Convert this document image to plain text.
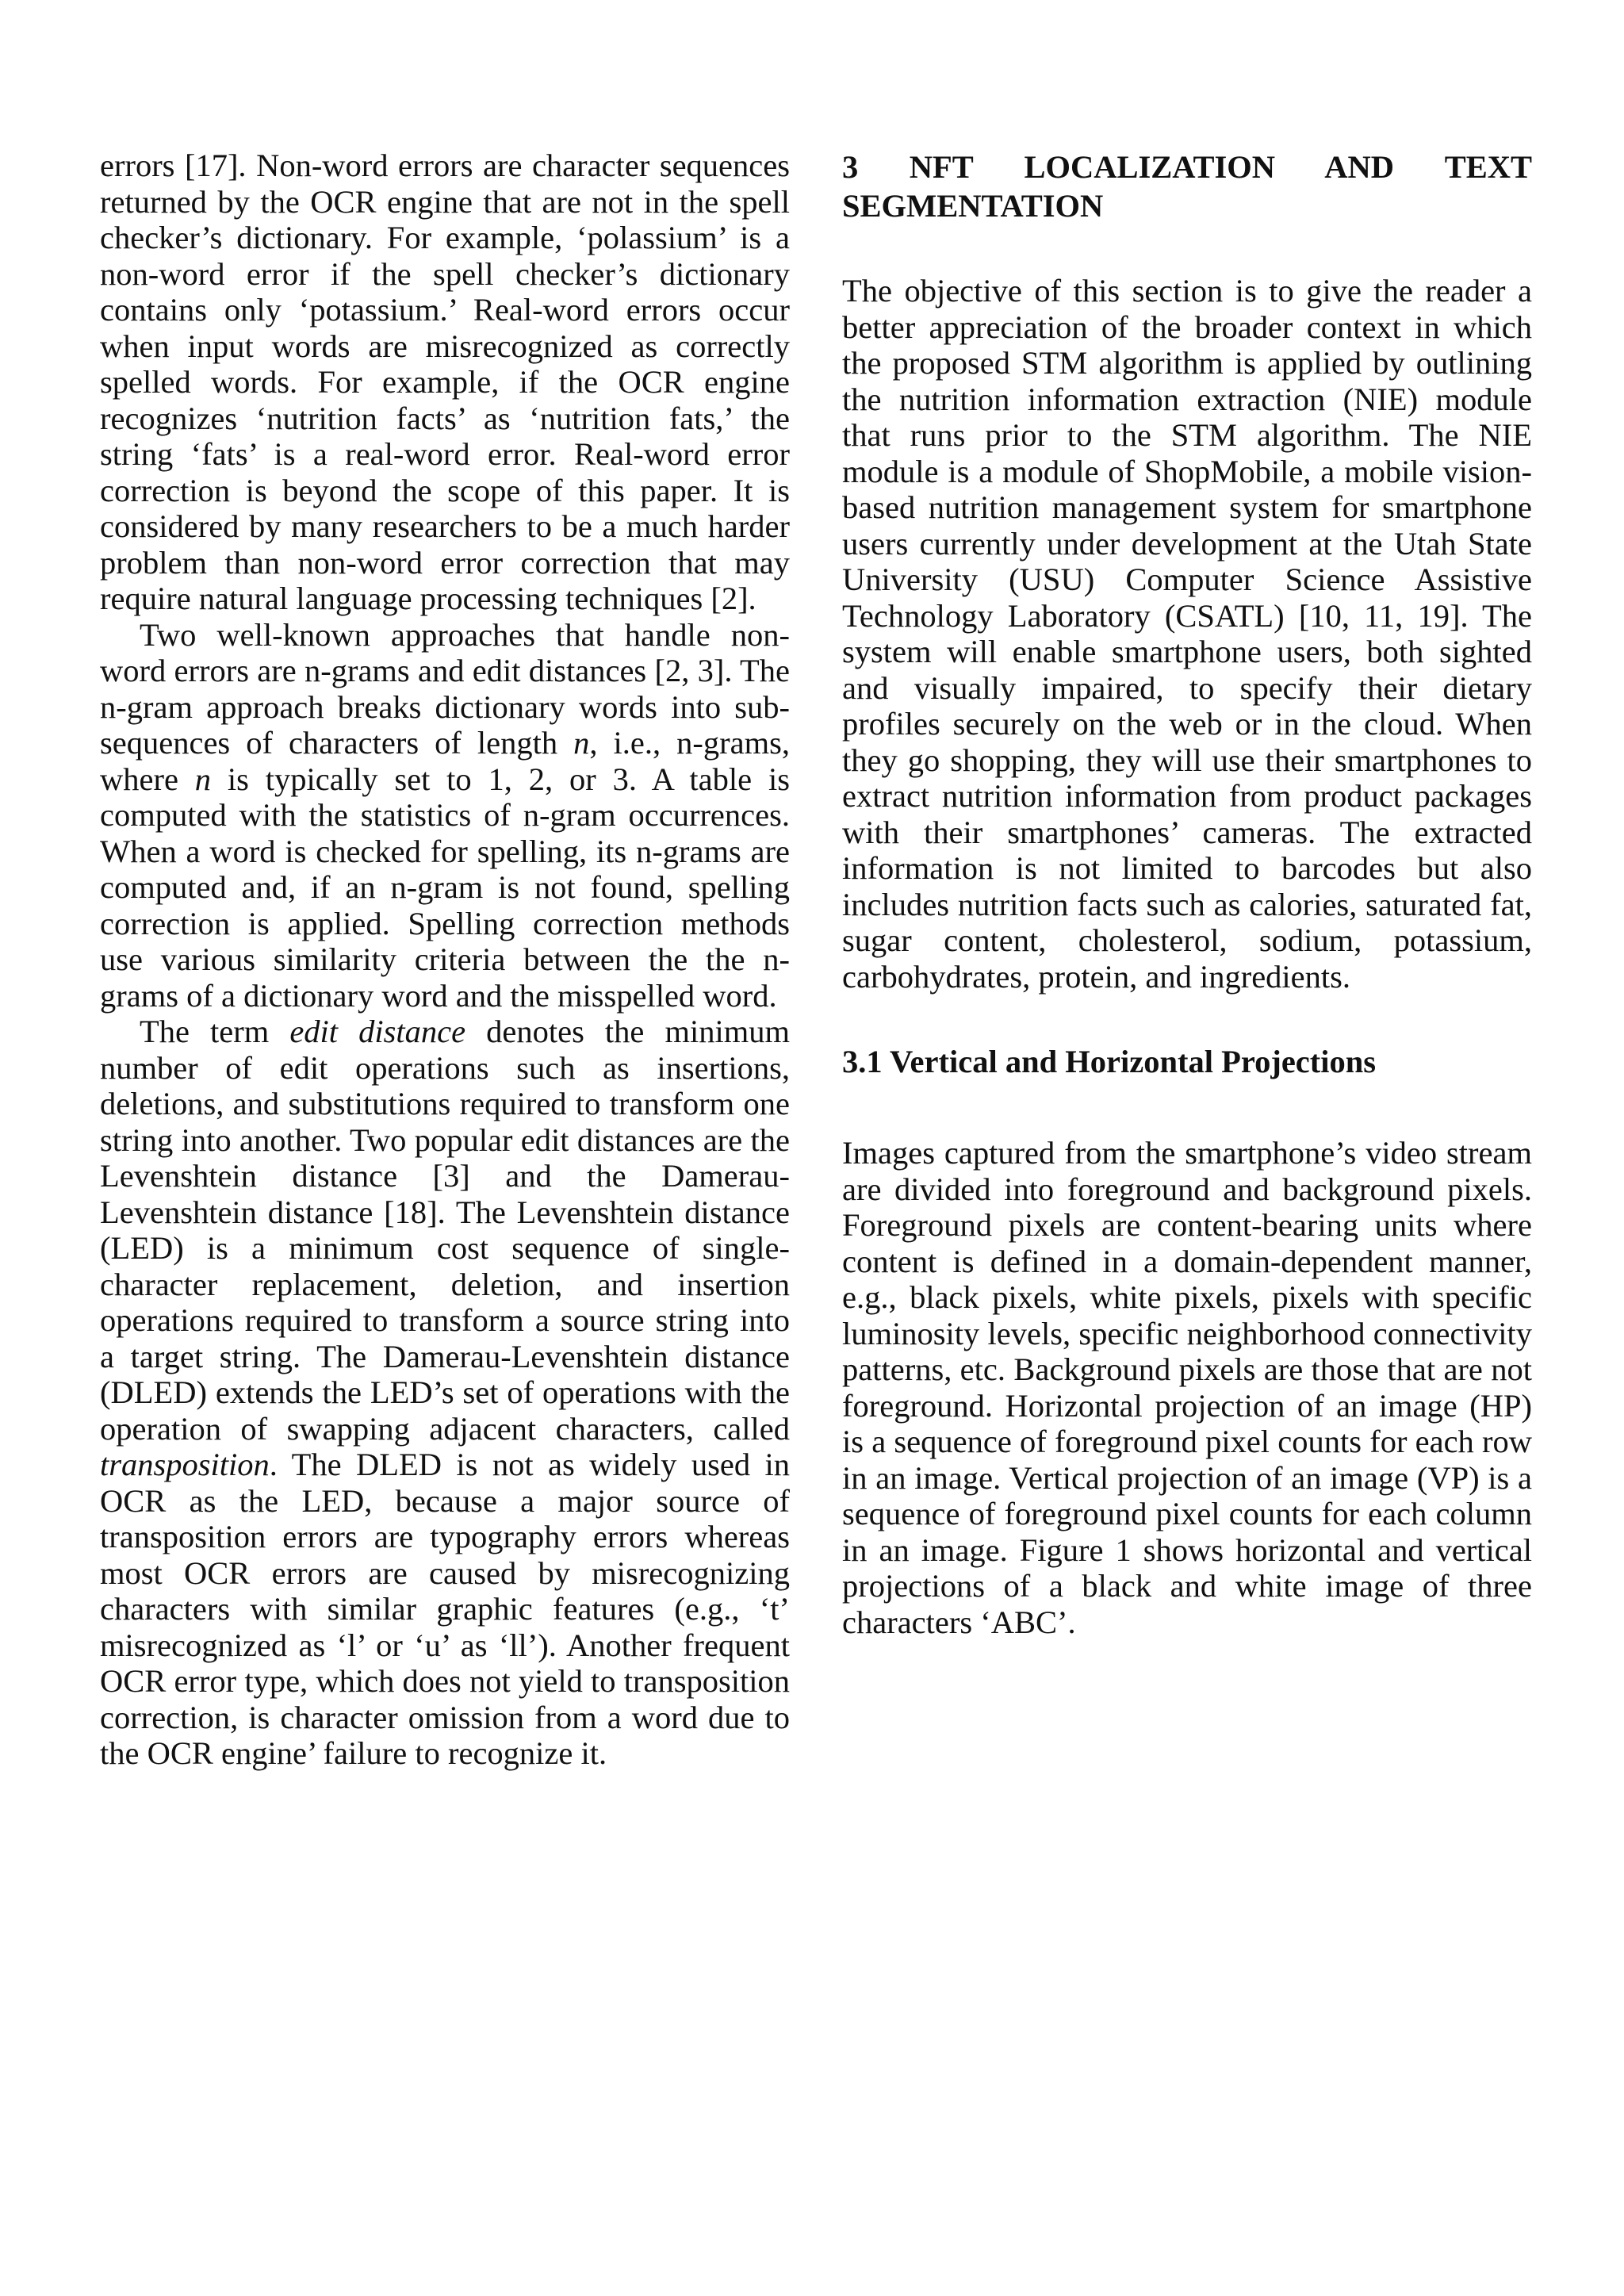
errors [17]. Non-word errors are character sequences returned by the OCR engine that are not in the spell checker’s dictionary. For example, ‘polassium’ is a non-word error if the spell checker’s dictionary contains only ‘potassium.’ Real-word errors occur when input words are misrecognized as correctly spelled words. For example, if the OCR engine recognizes ‘nutrition facts’ as ‘nutrition fats,’ the string ‘fats’ is a real-word error. Real-word error correction is beyond the scope of this paper. It is considered by many researchers to be a much harder problem than non-word error correction that may require natural language processing techniques [2].

Two well-known approaches that handle non-word errors are n-grams and edit distances [2, 3]. The n-gram approach breaks dictionary words into sub-sequences of characters of length n, i.e., n-grams, where n is typically set to 1, 2, or 3. A table is computed with the statistics of n-gram occurrences. When a word is checked for spelling, its n-grams are computed and, if an n-gram is not found, spelling correction is applied. Spelling correction methods use various similarity criteria between the the n-grams of a dictionary word and the misspelled word.

The term edit distance denotes the minimum number of edit operations such as insertions, deletions, and substitutions required to transform one string into another. Two popular edit distances are the Levenshtein distance [3] and the Damerau-Levenshtein distance [18]. The Levenshtein distance (LED) is a minimum cost sequence of single-character replacement, deletion, and insertion operations required to transform a source string into a target string. The Damerau-Levenshtein distance (DLED) extends the LED’s set of operations with the operation of swapping adjacent characters, called transposition. The DLED is not as widely used in OCR as the LED, because a major source of transposition errors are typography errors whereas most OCR errors are caused by misrecognizing characters with similar graphic features (e.g., ‘t’ misrecognized as ‘l’ or ‘u’ as ‘ll’). Another frequent OCR error type, which does not yield to transposition correction, is character omission from a word due to the OCR engine’ failure to recognize it.

3 NFT LOCALIZATION AND TEXT SEGMENTATION

The objective of this section is to give the reader a better appreciation of the broader context in which the proposed STM algorithm is applied by outlining the nutrition information extraction (NIE) module that runs prior to the STM algorithm. The NIE module is a module of ShopMobile, a mobile vision-based nutrition management system for smartphone users currently under development at the Utah State University (USU) Computer Science Assistive Technology Laboratory (CSATL) [10, 11, 19]. The system will enable smartphone users, both sighted and visually impaired, to specify their dietary profiles securely on the web or in the cloud. When they go shopping, they will use their smartphones to extract nutrition information from product packages with their smartphones’ cameras. The extracted information is not limited to barcodes but also includes nutrition facts such as calories, saturated fat, sugar content, cholesterol, sodium, potassium, carbohydrates, protein, and ingredients.

3.1 Vertical and Horizontal Projections

Images captured from the smartphone’s video stream are divided into foreground and background pixels. Foreground pixels are content-bearing units where content is defined in a domain-dependent manner, e.g., black pixels, white pixels, pixels with specific luminosity levels, specific neighborhood connectivity patterns, etc. Background pixels are those that are not foreground. Horizontal projection of an image (HP) is a sequence of foreground pixel counts for each row in an image. Vertical projection of an image (VP) is a sequence of foreground pixel counts for each column in an image. Figure 1 shows horizontal and vertical projections of a black and white image of three characters ‘ABC’.
